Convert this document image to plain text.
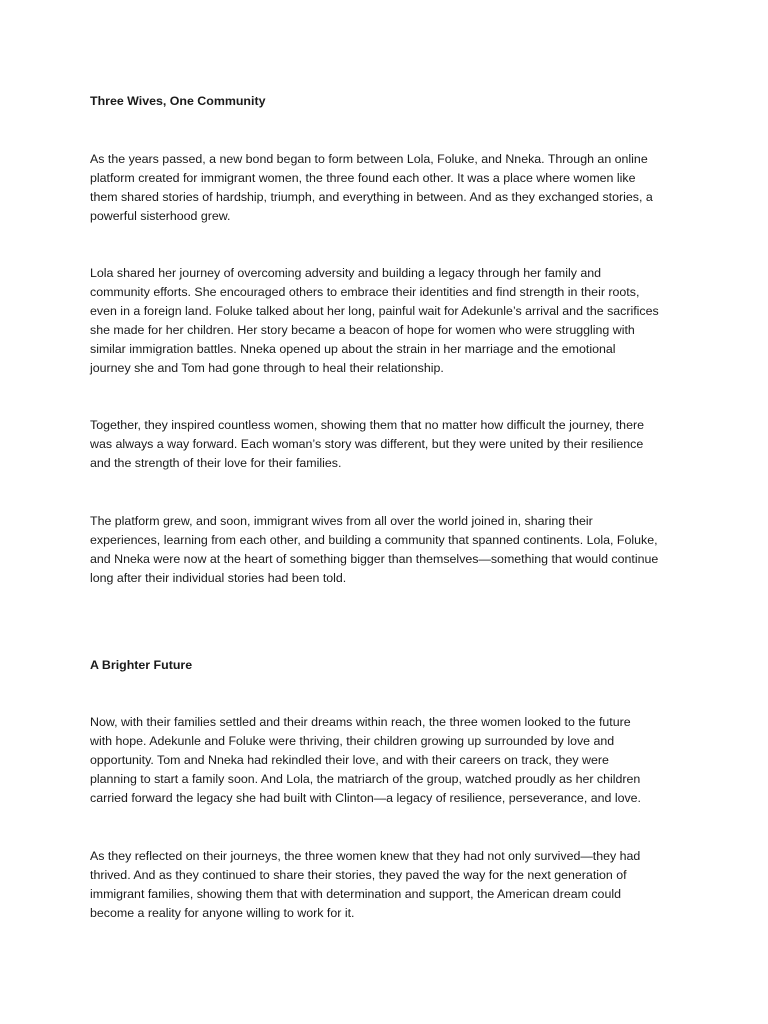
Three Wives, One Community

As the years passed, a new bond began to form between Lola, Foluke, and Nneka. Through an online
platform created for immigrant women, the three found each other. It was a place where women like
them shared stories of hardship, triumph, and everything in between. And as they exchanged stories, a
powerful sisterhood grew.

Lola shared her journey of overcoming adversity and building a legacy through her family and
community efforts. She encouraged others to embrace their identities and find strength in their roots,
even in a foreign land. Foluke talked about her long, painful wait for Adekunle’s arrival and the sacrifices
she made for her children. Her story became a beacon of hope for women who were struggling with
similar immigration battles. Nneka opened up about the strain in her marriage and the emotional
journey she and Tom had gone through to heal their relationship.

Together, they inspired countless women, showing them that no matter how difficult the journey, there
was always a way forward. Each woman’s story was different, but they were united by their resilience
and the strength of their love for their families.

The platform grew, and soon, immigrant wives from all over the world joined in, sharing their
experiences, learning from each other, and building a community that spanned continents. Lola, Foluke,
and Nneka were now at the heart of something bigger than themselves—something that would continue
long after their individual stories had been told.

A Brighter Future

Now, with their families settled and their dreams within reach, the three women looked to the future
with hope. Adekunle and Foluke were thriving, their children growing up surrounded by love and
opportunity. Tom and Nneka had rekindled their love, and with their careers on track, they were
planning to start a family soon. And Lola, the matriarch of the group, watched proudly as her children
carried forward the legacy she had built with Clinton—a legacy of resilience, perseverance, and love.

As they reflected on their journeys, the three women knew that they had not only survived—they had
thrived. And as they continued to share their stories, they paved the way for the next generation of
immigrant families, showing them that with determination and support, the American dream could
become a reality for anyone willing to work for it.
